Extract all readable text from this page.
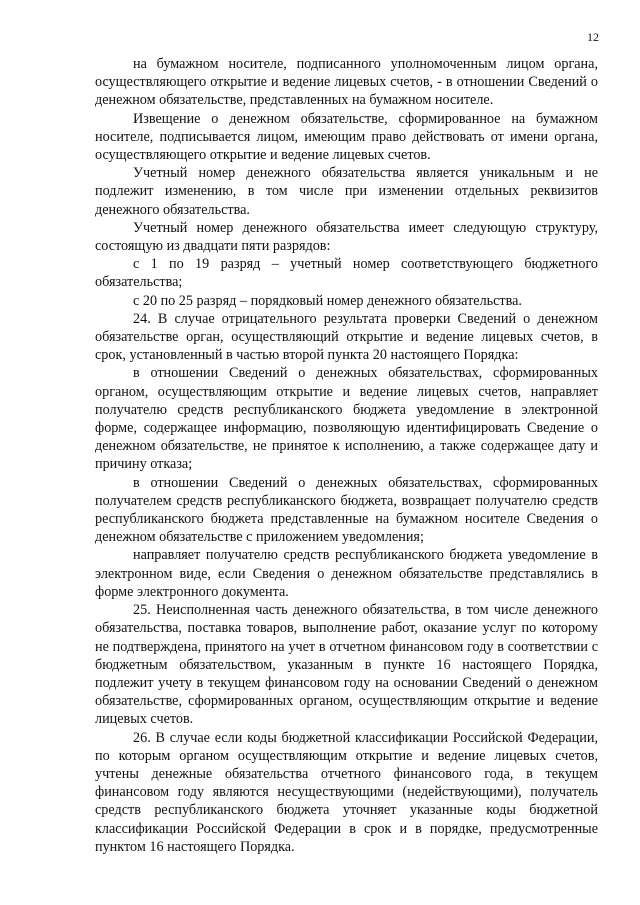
12

на бумажном носителе, подписанного уполномоченным лицом органа, осуществляющего открытие и ведение лицевых счетов, - в отношении Сведений о денежном обязательстве, представленных на бумажном носителе.

Извещение о денежном обязательстве, сформированное на бумажном носителе, подписывается лицом, имеющим право действовать от имени органа, осуществляющего открытие и ведение лицевых счетов.

Учетный номер денежного обязательства является уникальным и не подлежит изменению, в том числе при изменении отдельных реквизитов денежного обязательства.

Учетный номер денежного обязательства имеет следующую структуру, состоящую из двадцати пяти разрядов:

с 1 по 19 разряд – учетный номер соответствующего бюджетного обязательства;

с 20 по 25 разряд – порядковый номер денежного обязательства.

24. В случае отрицательного результата проверки Сведений о денежном обязательстве орган, осуществляющий открытие и ведение лицевых счетов, в срок, установленный в частью второй пункта 20 настоящего Порядка:

в отношении Сведений о денежных обязательствах, сформированных органом, осуществляющим открытие и ведение лицевых счетов, направляет получателю средств республиканского бюджета уведомление в электронной форме, содержащее информацию, позволяющую идентифицировать Сведение о денежном обязательстве, не принятое к исполнению, а также содержащее дату и причину отказа;

в отношении Сведений о денежных обязательствах, сформированных получателем средств республиканского бюджета, возвращает получателю средств республиканского бюджета представленные на бумажном носителе Сведения о денежном обязательстве с приложением уведомления;

направляет получателю средств республиканского бюджета уведомление в электронном виде, если Сведения о денежном обязательстве представлялись в форме электронного документа.

25. Неисполненная часть денежного обязательства, в том числе денежного обязательства, поставка товаров, выполнение работ, оказание услуг по которому не подтверждена, принятого на учет в отчетном финансовом году в соответствии с бюджетным обязательством, указанным в пункте 16 настоящего Порядка, подлежит учету в текущем финансовом году на основании Сведений о денежном обязательстве, сформированных органом, осуществляющим открытие и ведение лицевых счетов.

26. В случае если коды бюджетной классификации Российской Федерации, по которым органом осуществляющим открытие и ведение лицевых счетов, учтены денежные обязательства отчетного финансового года, в текущем финансовом году являются несуществующими (недействующими), получатель средств республиканского бюджета уточняет указанные коды бюджетной классификации Российской Федерации в срок и в порядке, предусмотренные пунктом 16 настоящего Порядка.
